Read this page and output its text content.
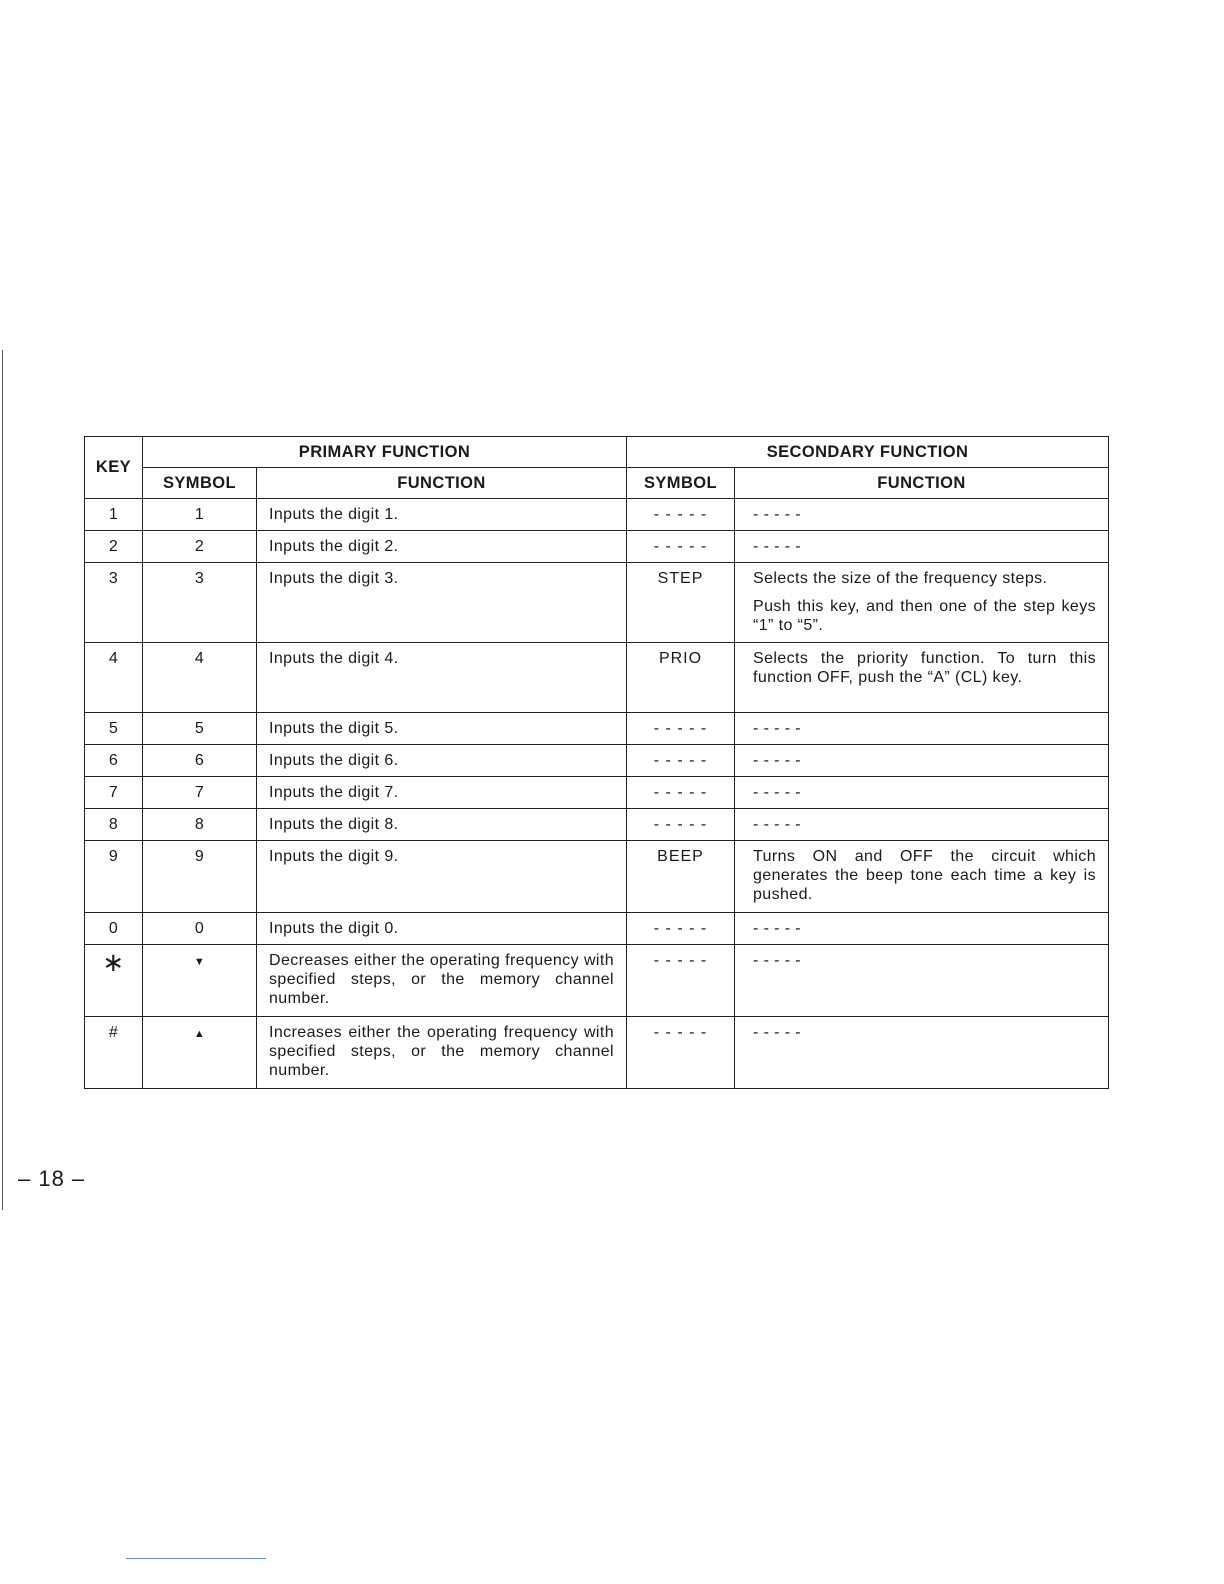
KEY	PRIMARY FUNCTION		SECONDARY FUNCTION	
	SYMBOL	FUNCTION	SYMBOL	FUNCTION
1	1	Inputs the digit 1.	- - - - -	- - - - -
2	2	Inputs the digit 2.	- - - - -	- - - - -
3	3	Inputs the digit 3.	STEP	Selects the size of the frequency steps.
Push this key, and then one of the step keys “1” to “5”.

4	4	Inputs the digit 4.	PRIO	Selects the priority function. To turn this function OFF, push the “A” (CL) key.
5	5	Inputs the digit 5.	- - - - -	- - - - -
6	6	Inputs the digit 6.	- - - - -	- - - - -
7	7	Inputs the digit 7.	- - - - -	- - - - -
8	8	Inputs the digit 8.	- - - - -	- - - - -
9	9	Inputs the digit 9.	BEEP	Turns ON and OFF the circuit which generates the beep tone each time a key is pushed.
0	0	Inputs the digit 0.	- - - - -	- - - - -
∗	▼	Decreases either the operating frequency with specified steps, or the memory channel number.	- - - - -	- - - - -
#	▲	Increases either the operating frequency with specified steps, or the memory channel number.	- - - - -	- - - - -
– 18 –
